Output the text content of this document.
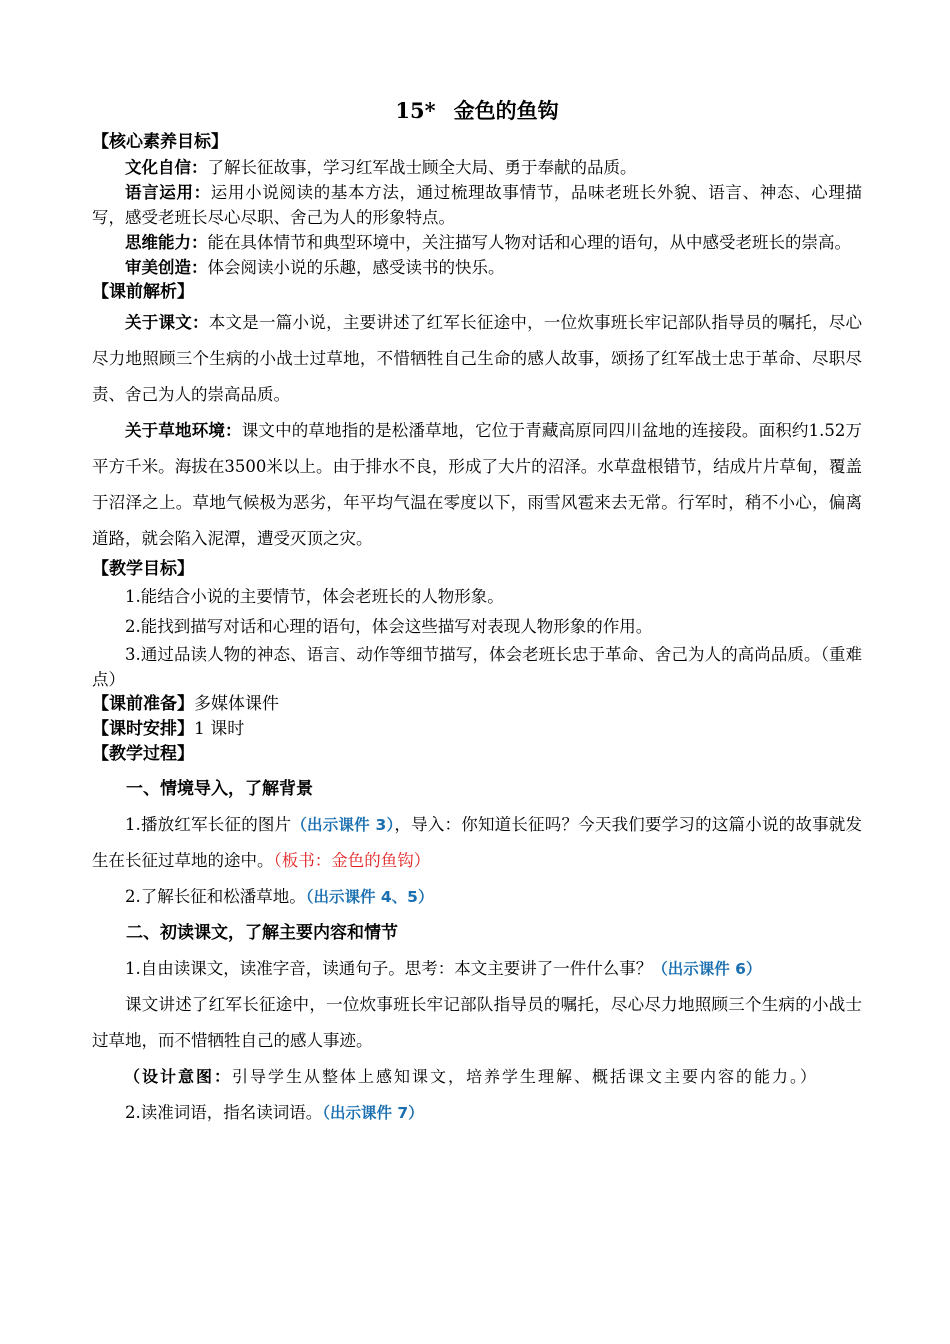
15* 金色的鱼钩

【核心素养目标】

文化自信：了解长征故事，学习红军战士顾全大局、勇于奉献的品质。

语言运用：运用小说阅读的基本方法，通过梳理故事情节，品味老班长外貌、语言、神态、心理描写，感受老班长尽心尽职、舍己为人的形象特点。

思维能力：能在具体情节和典型环境中，关注描写人物对话和心理的语句，从中感受老班长的崇高。

审美创造：体会阅读小说的乐趣，感受读书的快乐。

【课前解析】

关于课文：本文是一篇小说，主要讲述了红军长征途中，一位炊事班长牢记部队指导员的嘱托，尽心尽力地照顾三个生病的小战士过草地，不惜牺牲自己生命的感人故事，颂扬了红军战士忠于革命、尽职尽责、舍己为人的崇高品质。

关于草地环境：课文中的草地指的是松潘草地，它位于青藏高原同四川盆地的连接段。面积约1.52万平方千米。海拔在3500米以上。由于排水不良，形成了大片的沼泽。水草盘根错节，结成片片草甸，覆盖于沼泽之上。草地气候极为恶劣，年平均气温在零度以下，雨雪风雹来去无常。行军时，稍不小心，偏离道路，就会陷入泥潭，遭受灭顶之灾。

【教学目标】

1.能结合小说的主要情节，体会老班长的人物形象。

2.能找到描写对话和心理的语句，体会这些描写对表现人物形象的作用。

3.通过品读人物的神态、语言、动作等细节描写，体会老班长忠于革命、舍己为人的高尚品质。（重难点）

【课前准备】多媒体课件

【课时安排】1 课时

【教学过程】

一、情境导入，了解背景

1.播放红军长征的图片（出示课件 3），导入：你知道长征吗？今天我们要学习的这篇小说的故事就发生在长征过草地的途中。（板书：金色的鱼钩）

2.了解长征和松潘草地。（出示课件 4、5）

二、初读课文，了解主要内容和情节

1.自由读课文，读准字音，读通句子。思考：本文主要讲了一件什么事？（出示课件 6）

课文讲述了红军长征途中，一位炊事班长牢记部队指导员的嘱托，尽心尽力地照顾三个生病的小战士过草地，而不惜牺牲自己的感人事迹。

（设计意图：引导学生从整体上感知课文，培养学生理解、概括课文主要内容的能力。）

2.读准词语，指名读词语。（出示课件 7）
